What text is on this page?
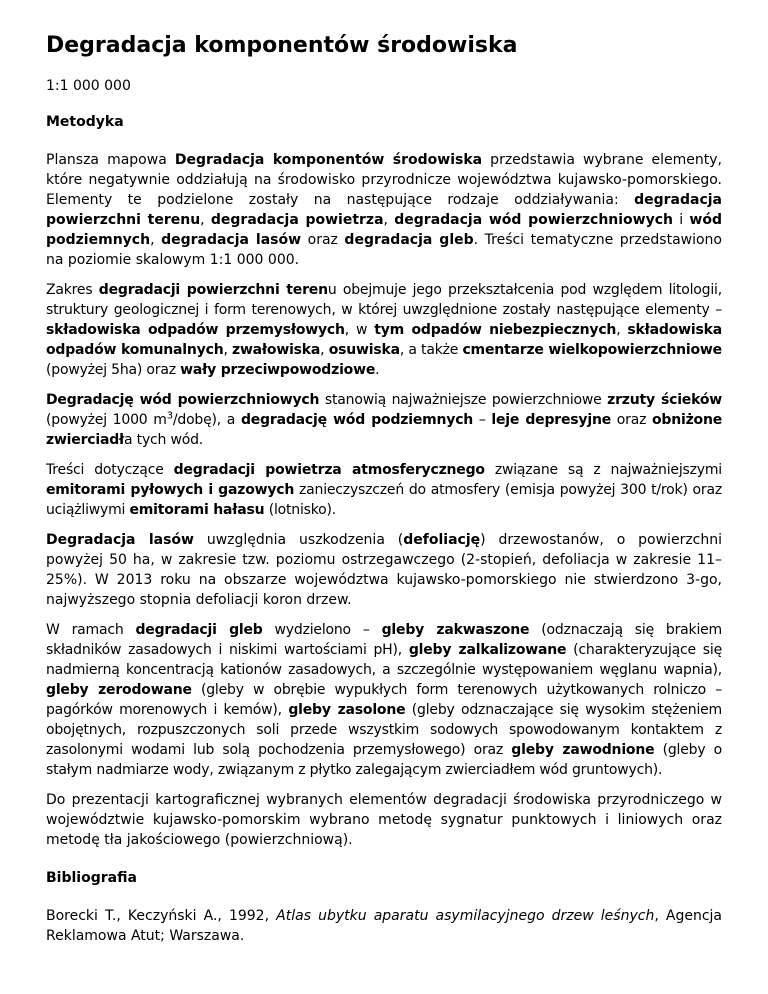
Degradacja komponentów środowiska
1:1 000 000
Metodyka

Plansza mapowa Degradacja komponentów środowiska przedstawia wybrane elementy, które negatywnie oddziałują na środowisko przyrodnicze województwa kujawsko-pomorskiego. Elementy te podzielone zostały na następujące rodzaje oddziaływania: degradacja powierzchni terenu, degradacja powietrza, degradacja wód powierzchniowych i wód podziemnych, degradacja lasów oraz degradacja gleb. Treści tematyczne przedstawiono na poziomie skalowym 1:1 000 000.

Zakres degradacji powierzchni terenu obejmuje jego przekształcenia pod względem litologii, struktury geologicznej i form terenowych, w której uwzględnione zostały następujące elementy – składowiska odpadów przemysłowych, w tym odpadów niebezpiecznych, składowiska odpadów komunalnych, zwałowiska, osuwiska, a także cmentarze wielkopowierzchniowe (powyżej 5ha) oraz wały przeciwpowodziowe.

Degradację wód powierzchniowych stanowią najważniejsze powierzchniowe zrzuty ścieków (powyżej 1000 $m^3/dobę$), a degradację wód podziemnych – leje depresyjne oraz obniżone zwierciadła tych wód.

Treści dotyczące degradacji powietrza atmosferycznego związane są z najważniejszymi emitorami pyłowych i gazowych zanieczyszczeń do atmosfery (emisja powyżej 300 t/rok) oraz uciążliwymi emitorami hałasu (lotnisko).

Degradacja lasów uwzględnia uszkodzenia (defoliację) drzewostanów, o powierzchni powyżej 50 ha, w zakresie tzw. poziomu ostrzegawczego (2-stopień, defoliacja w zakresie 11–25%). W 2013 roku na obszarze województwa kujawsko-pomorskiego nie stwierdzono 3-go, najwyższego stopnia defoliacji koron drzew.

W ramach degradacji gleb wydzielono – gleby zakwaszone (odznaczają się brakiem składników zasadowych i niskimi wartościami pH), gleby zalkalizowane (charakteryzujące się nadmierną koncentracją kationów zasadowych, a szczególnie występowaniem węglanu wapnia), gleby zerodowane (gleby w obrębie wypukłych form terenowych użytkowanych rolniczo – pagórków morenowych i kemów), gleby zasolone (gleby odznaczające się wysokim stężeniem obojętnych, rozpuszczonych soli przede wszystkim sodowych spowodowanym kontaktem z zasolonymi wodami lub solą pochodzenia przemysłowego) oraz gleby zawodnione (gleby o stałym nadmiarze wody, związanym z płytko zalegającym zwierciadłem wód gruntowych).

Do prezentacji kartograficznej wybranych elementów degradacji środowiska przyrodniczego w województwie kujawsko-pomorskim wybrano metodę sygnatur punktowych i liniowych oraz metodę tła jakościowego (powierzchniową).

Bibliografia

Borecki T., Keczyński A., 1992, Atlas ubytku aparatu asymilacyjnego drzew leśnych, Agencja Reklamowa Atut; Warszawa.
